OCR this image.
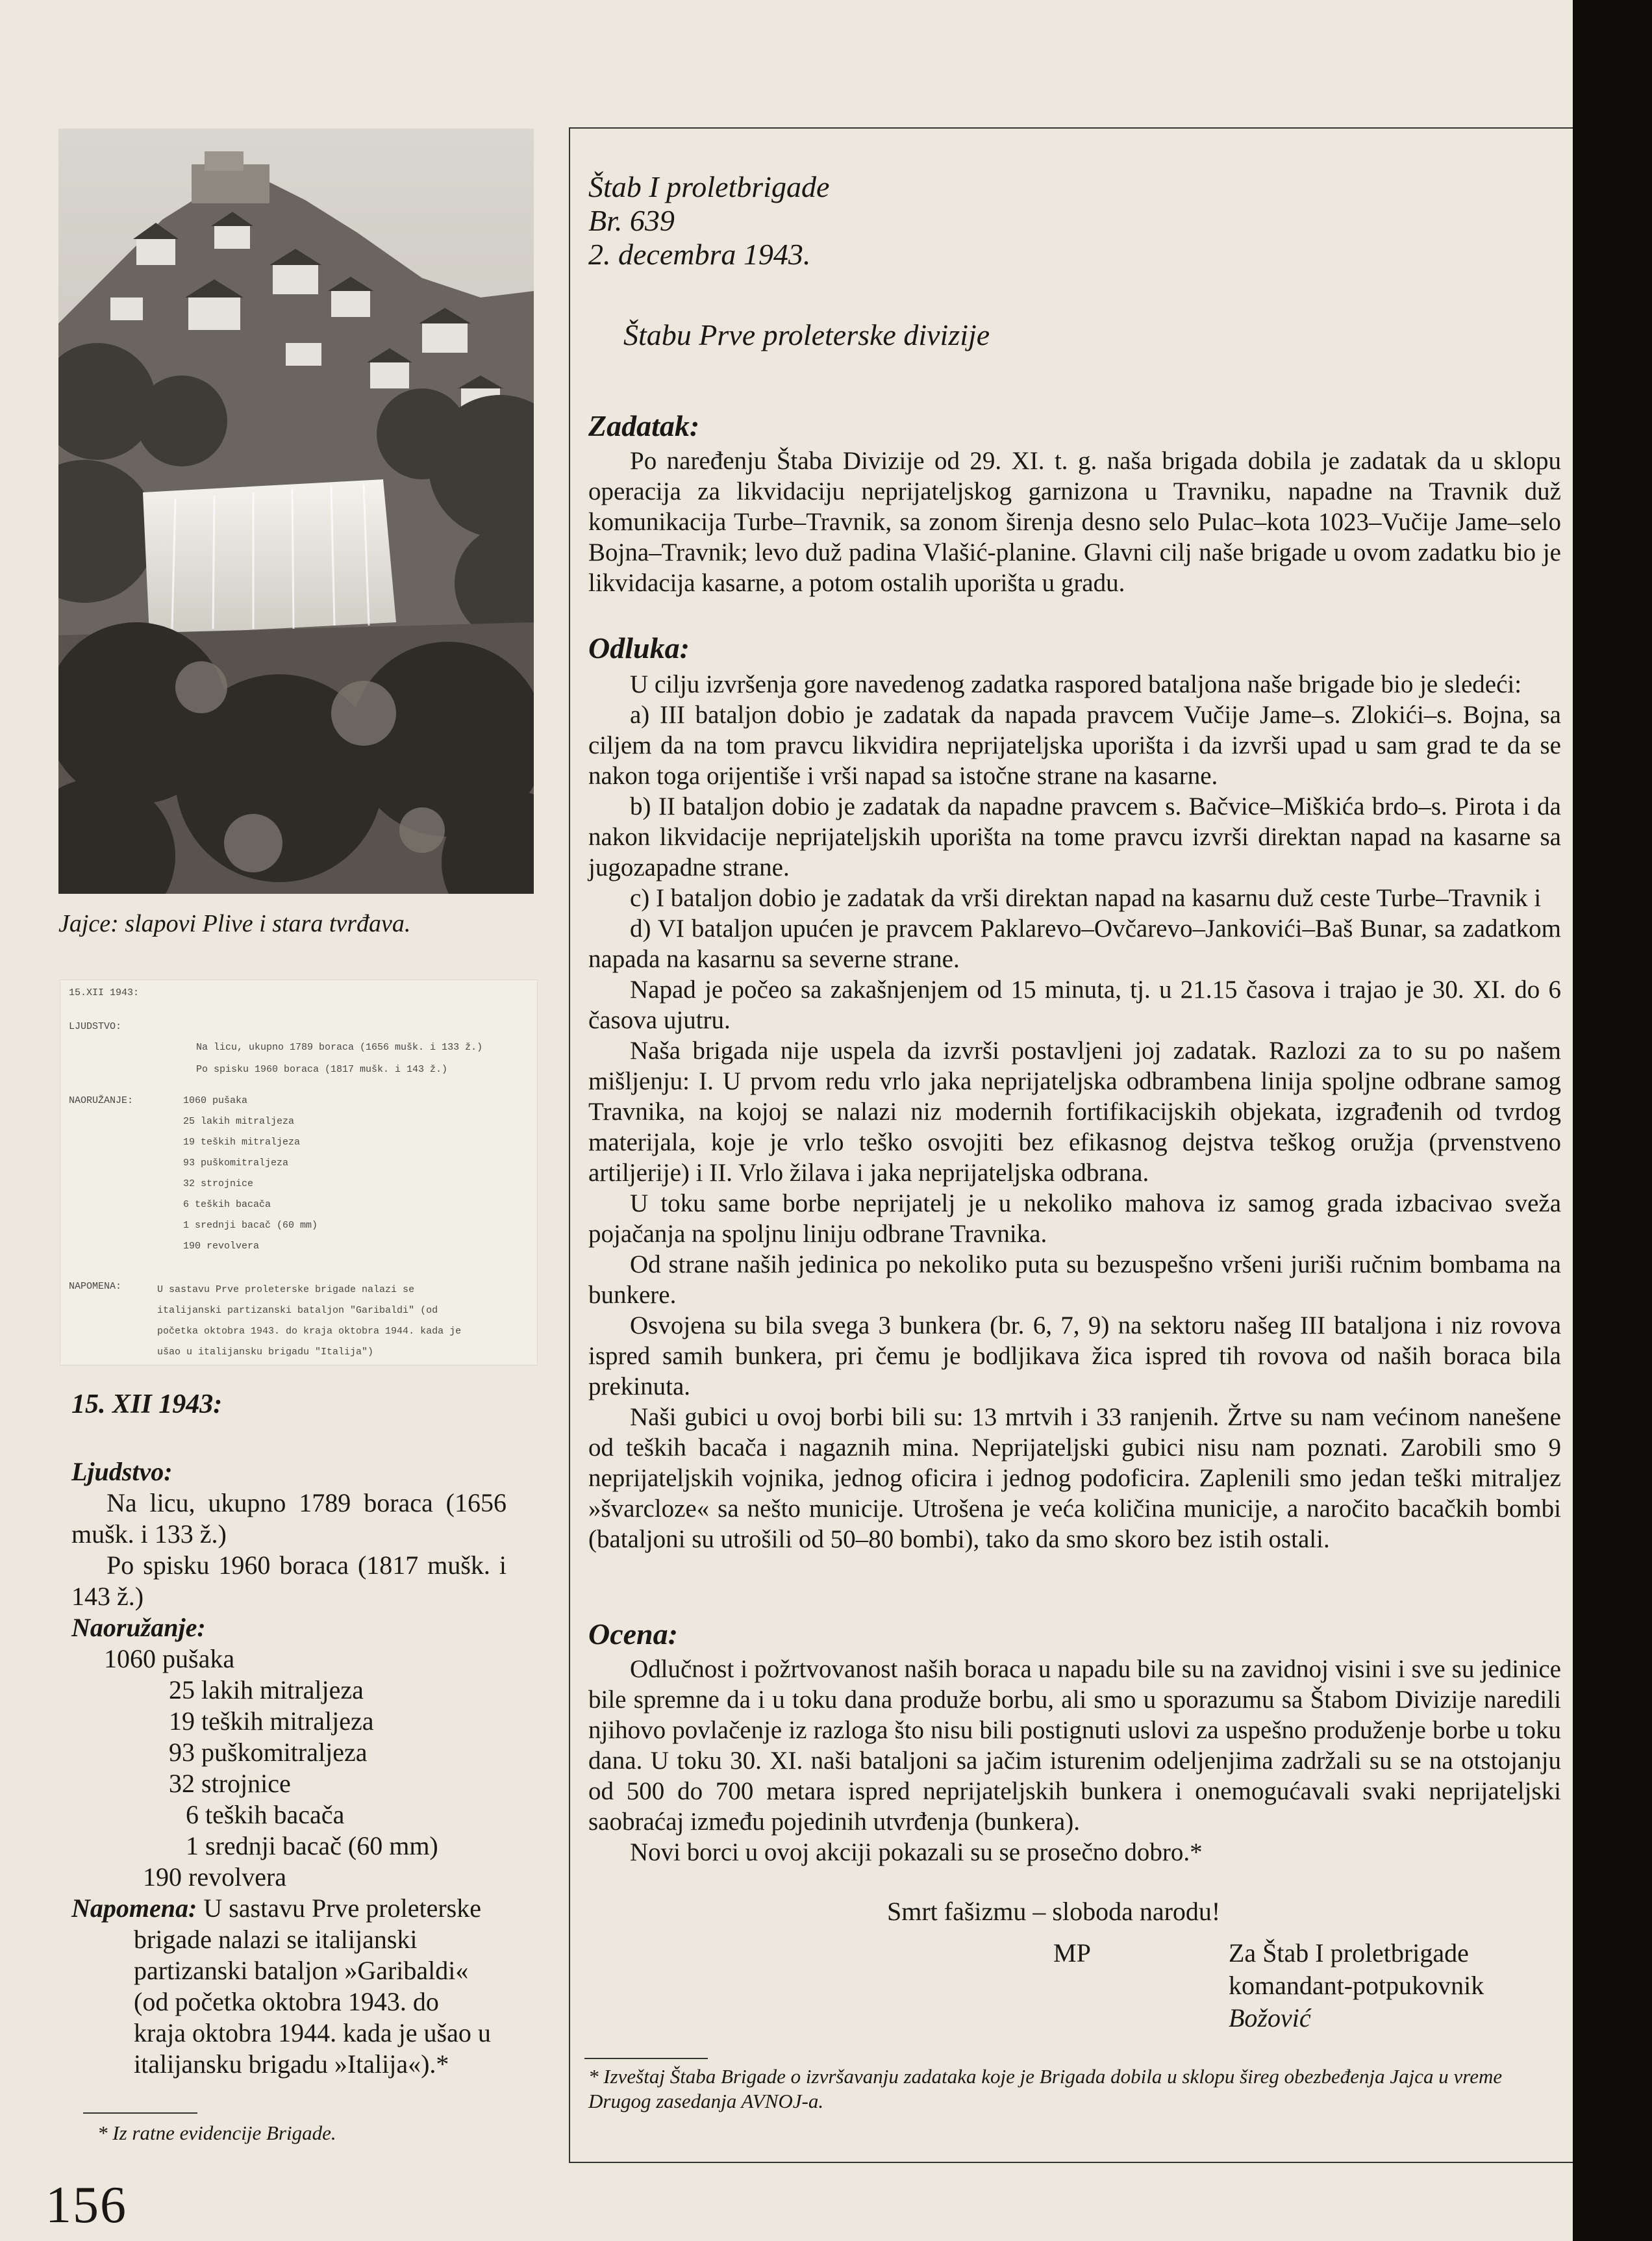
Jajce: slapovi Plive i stara tvrđava.
15.XII 1943:
LJUDSTVO:
Na licu, ukupno 1789 boraca (1656 mušk. i 133 ž.)
Po spisku 1960 boraca (1817 mušk. i 143 ž.)
NAORUŽANJE:	1060 pušaka
25 lakih mitraljeza
19 teških mitraljeza
93 puškomitraljeza
32 strojnice
6 teških bacača
1 srednji bacač (60 mm)
190 revolvera
NAPOMENA:	U sastavu Prve proleterske brigade nalazi se italijanski partizanski bataljon "Garibaldi" (od početka oktobra 1943. do kraja oktobra 1944. kada je ušao u italijansku brigadu "Italija")

15. XII 1943:

Ljudstvo:

Na licu, ukupno 1789 boraca (1656 mušk. i 133 ž.)

Po spisku 1960 boraca (1817 mušk. i 143 ž.)

Naoružanje:

1060 pušaka

25 lakih mitraljeza

19 teških mitraljeza

93 puškomitraljeza

32 strojnice

6 teških bacača

1 srednji bacač (60 mm)

190 revolvera

Napomena: U sastavu Prve proleterske brigade nalazi se italijanski partizanski bataljon »Garibaldi« (od početka oktobra 1943. do kraja oktobra 1944. kada je ušao u italijansku brigadu »Italija«).*

* Iz ratne evidencije Brigade.
156
Štab I proletbrigade
Br. 639
2. decembra 1943.
Štabu Prve proleterske divizije
Zadatak:

Po naređenju Štaba Divizije od 29. XI. t. g. naša brigada dobila je zadatak da u sklopu operacija za likvidaciju neprijateljskog garnizona u Travniku, napadne na Travnik duž komunikacija Turbe–Travnik, sa zonom širenja desno selo Pulac–kota 1023–Vučije Jame–selo Bojna–Travnik; levo duž padina Vlašić-planine. Glavni cilj naše brigade u ovom zadatku bio je likvidacija kasarne, a potom ostalih uporišta u gradu.

Odluka:

U cilju izvršenja gore navedenog zadatka raspored bataljona naše brigade bio je sledeći:

a) III bataljon dobio je zadatak da napada pravcem Vučije Jame–s. Zlokići–s. Bojna, sa ciljem da na tom pravcu likvidira neprijateljska uporišta i da izvrši upad u sam grad te da se nakon toga orijentiše i vrši napad sa istočne strane na kasarne.

b) II bataljon dobio je zadatak da napadne pravcem s. Bačvice–Miškića brdo–s. Pirota i da nakon likvidacije neprijateljskih uporišta na tome pravcu izvrši direktan napad na kasarne sa jugozapadne strane.

c) I bataljon dobio je zadatak da vrši direktan napad na kasarnu duž ceste Turbe–Travnik i

d) VI bataljon upućen je pravcem Paklarevo–Ovčarevo–Jankovići–Baš Bunar, sa zadatkom napada na kasarnu sa severne strane.

Napad je počeo sa zakašnjenjem od 15 minuta, tj. u 21.15 časova i trajao je 30. XI. do 6 časova ujutru.

Naša brigada nije uspela da izvrši postavljeni joj zadatak. Razlozi za to su po našem mišljenju: I. U prvom redu vrlo jaka neprijateljska odbrambena linija spoljne odbrane samog Travnika, na kojoj se nalazi niz modernih fortifikacijskih objekata, izgrađenih od tvrdog materijala, koje je vrlo teško osvojiti bez efikasnog dejstva teškog oružja (prvenstveno artiljerije) i II. Vrlo žilava i jaka neprijateljska odbrana.

U toku same borbe neprijatelj je u nekoliko mahova iz samog grada izbacivao sveža pojačanja na spoljnu liniju odbrane Travnika.

Od strane naših jedinica po nekoliko puta su bezuspešno vršeni juriši ručnim bombama na bunkere.

Osvojena su bila svega 3 bunkera (br. 6, 7, 9) na sektoru našeg III bataljona i niz rovova ispred samih bunkera, pri čemu je bodljikava žica ispred tih rovova od naših boraca bila prekinuta.

Naši gubici u ovoj borbi bili su: 13 mrtvih i 33 ranjenih. Žrtve su nam većinom nanešene od teških bacača i nagaznih mina. Neprijateljski gubici nisu nam poznati. Zarobili smo 9 neprijateljskih vojnika, jednog oficira i jednog podoficira. Zaplenili smo jedan teški mitraljez »švarcloze« sa nešto municije. Utrošena je veća količina municije, a naročito bacačkih bombi (bataljoni su utrošili od 50–80 bombi), tako da smo skoro bez istih ostali.

Ocena:

Odlučnost i požrtvovanost naših boraca u napadu bile su na zavidnoj visini i sve su jedinice bile spremne da i u toku dana produže borbu, ali smo u sporazumu sa Štabom Divizije naredili njihovo povlačenje iz razloga što nisu bili postignuti uslovi za uspešno produženje borbe u toku dana. U toku 30. XI. naši bataljoni sa jačim isturenim odeljenjima zadržali su se na otstojanju od 500 do 700 metara ispred neprijateljskih bunkera i onemogućavali svaki neprijateljski saobraćaj između pojedinih utvrđenja (bunkera).

Novi borci u ovoj akciji pokazali su se prosečno dobro.*

Smrt fašizmu – sloboda narodu!
MP	Za Štab I proletbrigade
komandant-potpukovnik
Božović
* Izveštaj Štaba Brigade o izvršavanju zadataka koje je Brigada dobila u sklopu šireg obezbeđenja Jajca u vreme Drugog zasedanja AVNOJ-a.
